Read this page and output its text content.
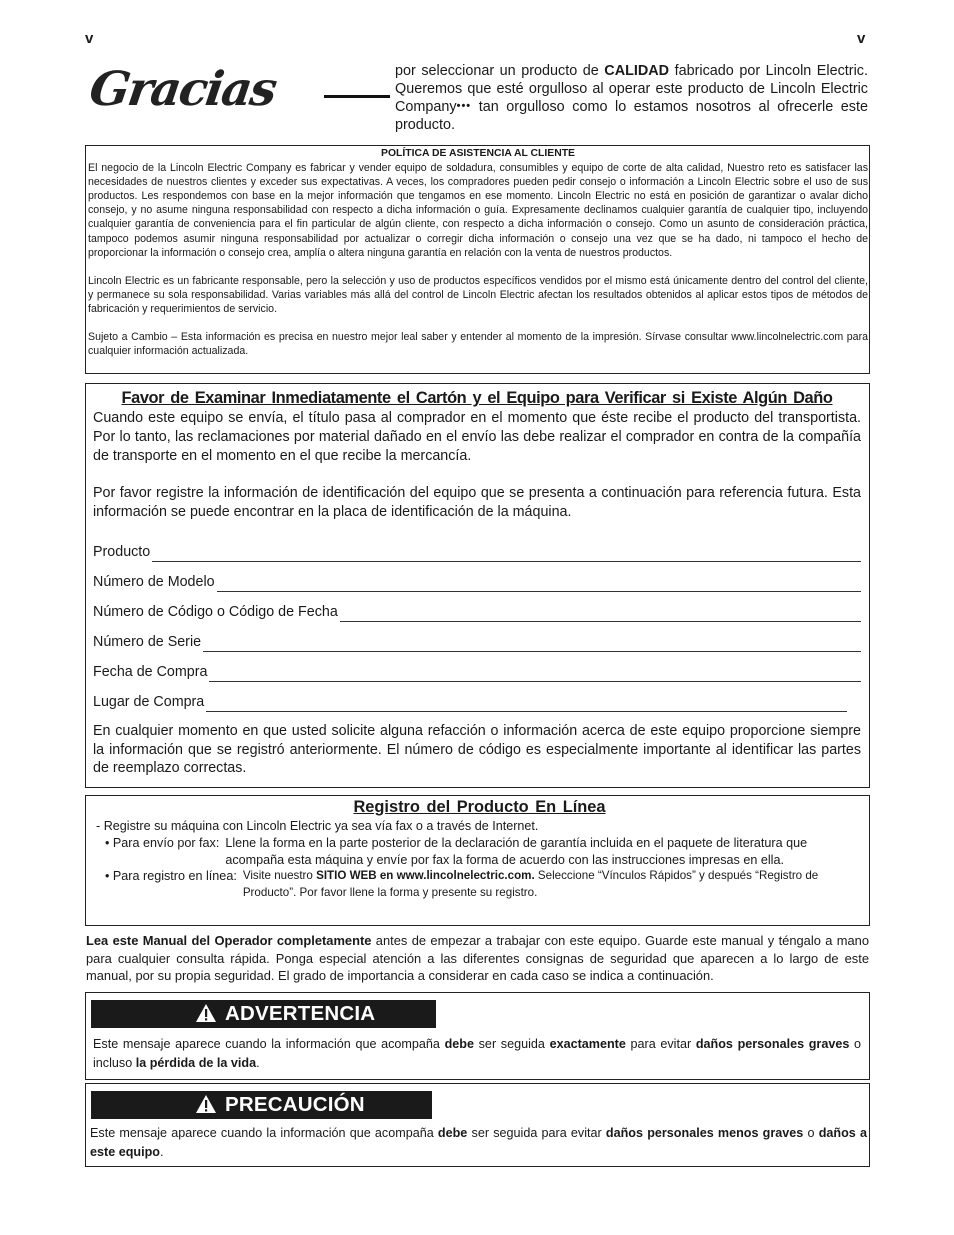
v	v
Gracias	por seleccionar un producto de CALIDAD fabricado por Lincoln Electric. Queremos que esté orgulloso al operar este producto de Lincoln Electric Company••• tan orgulloso como lo estamos nosotros al ofrecerle este producto.
POLÍTICA DE ASISTENCIA AL CLIENTE

El negocio de la Lincoln Electric Company es fabricar y vender equipo de soldadura, consumibles y equipo de corte de alta calidad, Nuestro reto es satisfacer las necesidades de nuestros clientes y exceder sus expectativas. A veces, los compradores pueden pedir consejo o información a Lincoln Electric sobre el uso de sus productos. Les respondemos con base en la mejor información que tengamos en ese momento. Lincoln Electric no está en posición de garantizar o avalar dicho consejo, y no asume ninguna responsabilidad con respecto a dicha información o guía. Expresamente declinamos cualquier garantía de cualquier tipo, incluyendo cualquier garantía de conveniencia para el fin particular de algún cliente, con respecto a dicha información o consejo. Como un asunto de consideración práctica, tampoco podemos asumir ninguna responsabilidad por actualizar o corregir dicha información o consejo una vez que se ha dado, ni tampoco el hecho de proporcionar la información o consejo crea, amplía o altera ninguna garantía en relación con la venta de nuestros productos.

Lincoln Electric es un fabricante responsable, pero la selección y uso de productos específicos vendidos por el mismo está únicamente dentro del control del cliente, y permanece su sola responsabilidad. Varias variables más allá del control de Lincoln Electric afectan los resultados obtenidos al aplicar estos tipos de métodos de fabricación y requerimientos de servicio.

Sujeto a Cambio – Esta información es precisa en nuestro mejor leal saber y entender al momento de la impresión. Sírvase consultar www.lincolnelectric.com para cualquier información actualizada.

Favor de Examinar Inmediatamente el Cartón y el Equipo para Verificar si Existe Algún Daño

Cuando este equipo se envía, el título pasa al comprador en el momento que éste recibe el producto del transportista. Por lo tanto, las reclamaciones por material dañado en el envío las debe realizar el comprador en contra de la compañía de transporte en el momento en el que recibe la mercancía.

Por favor registre la información de identificación del equipo que se presenta a continuación para referencia futura. Esta información se puede encontrar en la placa de identificación de la máquina.

Producto
Número de Modelo
Número de Código o Código de Fecha
Número de Serie
Fecha de Compra
Lugar de Compra

En cualquier momento en que usted solicite alguna refacción o información acerca de este equipo proporcione siempre la información que se registró anteriormente. El número de código es especialmente importante al identificar las partes de reemplazo correctas.

Registro del Producto En Línea
- Registre su máquina con Lincoln Electric ya sea vía fax o a través de Internet.
• Para envío por fax: Llene la forma en la parte posterior de la declaración de garantía incluida en el paquete de literatura que acompaña esta máquina y envíe por fax la forma de acuerdo con las instrucciones impresas en ella.
• Para registro en línea: Visite nuestro SITIO WEB en www.lincolnelectric.com. Seleccione “Vínculos Rápidos” y después “Registro de Producto”. Por favor llene la forma y presente su registro.
Lea este Manual del Operador completamente antes de empezar a trabajar con este equipo. Guarde este manual y téngalo a mano para cualquier consulta rápida. Ponga especial atención a las diferentes consignas de seguridad que aparecen a lo largo de este manual, por su propia seguridad. El grado de importancia a considerar en cada caso se indica a continuación.
ADVERTENCIA
Este mensaje aparece cuando la información que acompaña debe ser seguida exactamente para evitar daños personales graves o incluso la pérdida de la vida.
PRECAUCIÓN
Este mensaje aparece cuando la información que acompaña debe ser seguida para evitar daños personales menos graves o daños a este equipo.
